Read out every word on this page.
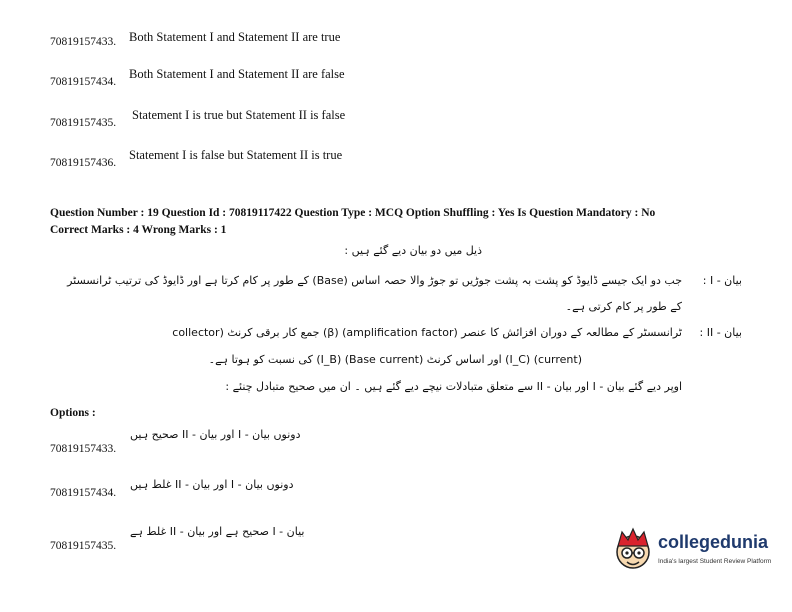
70819157433. Both Statement I and Statement II are true
70819157434.
Both Statement I and Statement II are false
70819157435.
Statement I is true but Statement II is false
70819157436.
Statement I is false but Statement II is true
Question Number : 19 Question Id : 70819117422 Question Type : MCQ Option Shuffling : Yes Is Question Mandatory : No
Correct Marks : 4 Wrong Marks : 1
ذیل میں دو بیان دیے گئے ہیں :
بیان - I :
جب دو ایک جیسے ڈایوڈ کو پشت بہ پشت جوڑیں تو جوڑ والا حصہ اساس (Base) کے طور پر کام کرتا ہے اور ڈایوڈ کی ترتیب ٹرانسسٹر
کے طور پر کام کرتی ہے۔
بیان - II :
ٹرانسسٹر کے مطالعہ کے دوران افزائش کا عنصر (amplification factor) (β) جمع کار برقی کرنٹ (collector
(current) (I_C) اور اساس کرنٹ (Base current) (I_B) کی نسبت کو ہوتا ہے۔
اوپر دیے گئے بیان - I اور بیان - II سے متعلق متبادلات نیچے دیے گئے ہیں ۔ ان میں صحیح متبادل چنئے :
Options :
70819157433.
دونوں بیان - I اور بیان - II صحیح ہیں
70819157434.
دونوں بیان - I اور بیان - II غلط ہیں
70819157435.
بیان - I صحیح ہے اور بیان - II غلط ہے
collegedunia
India's largest Student Review Platform
